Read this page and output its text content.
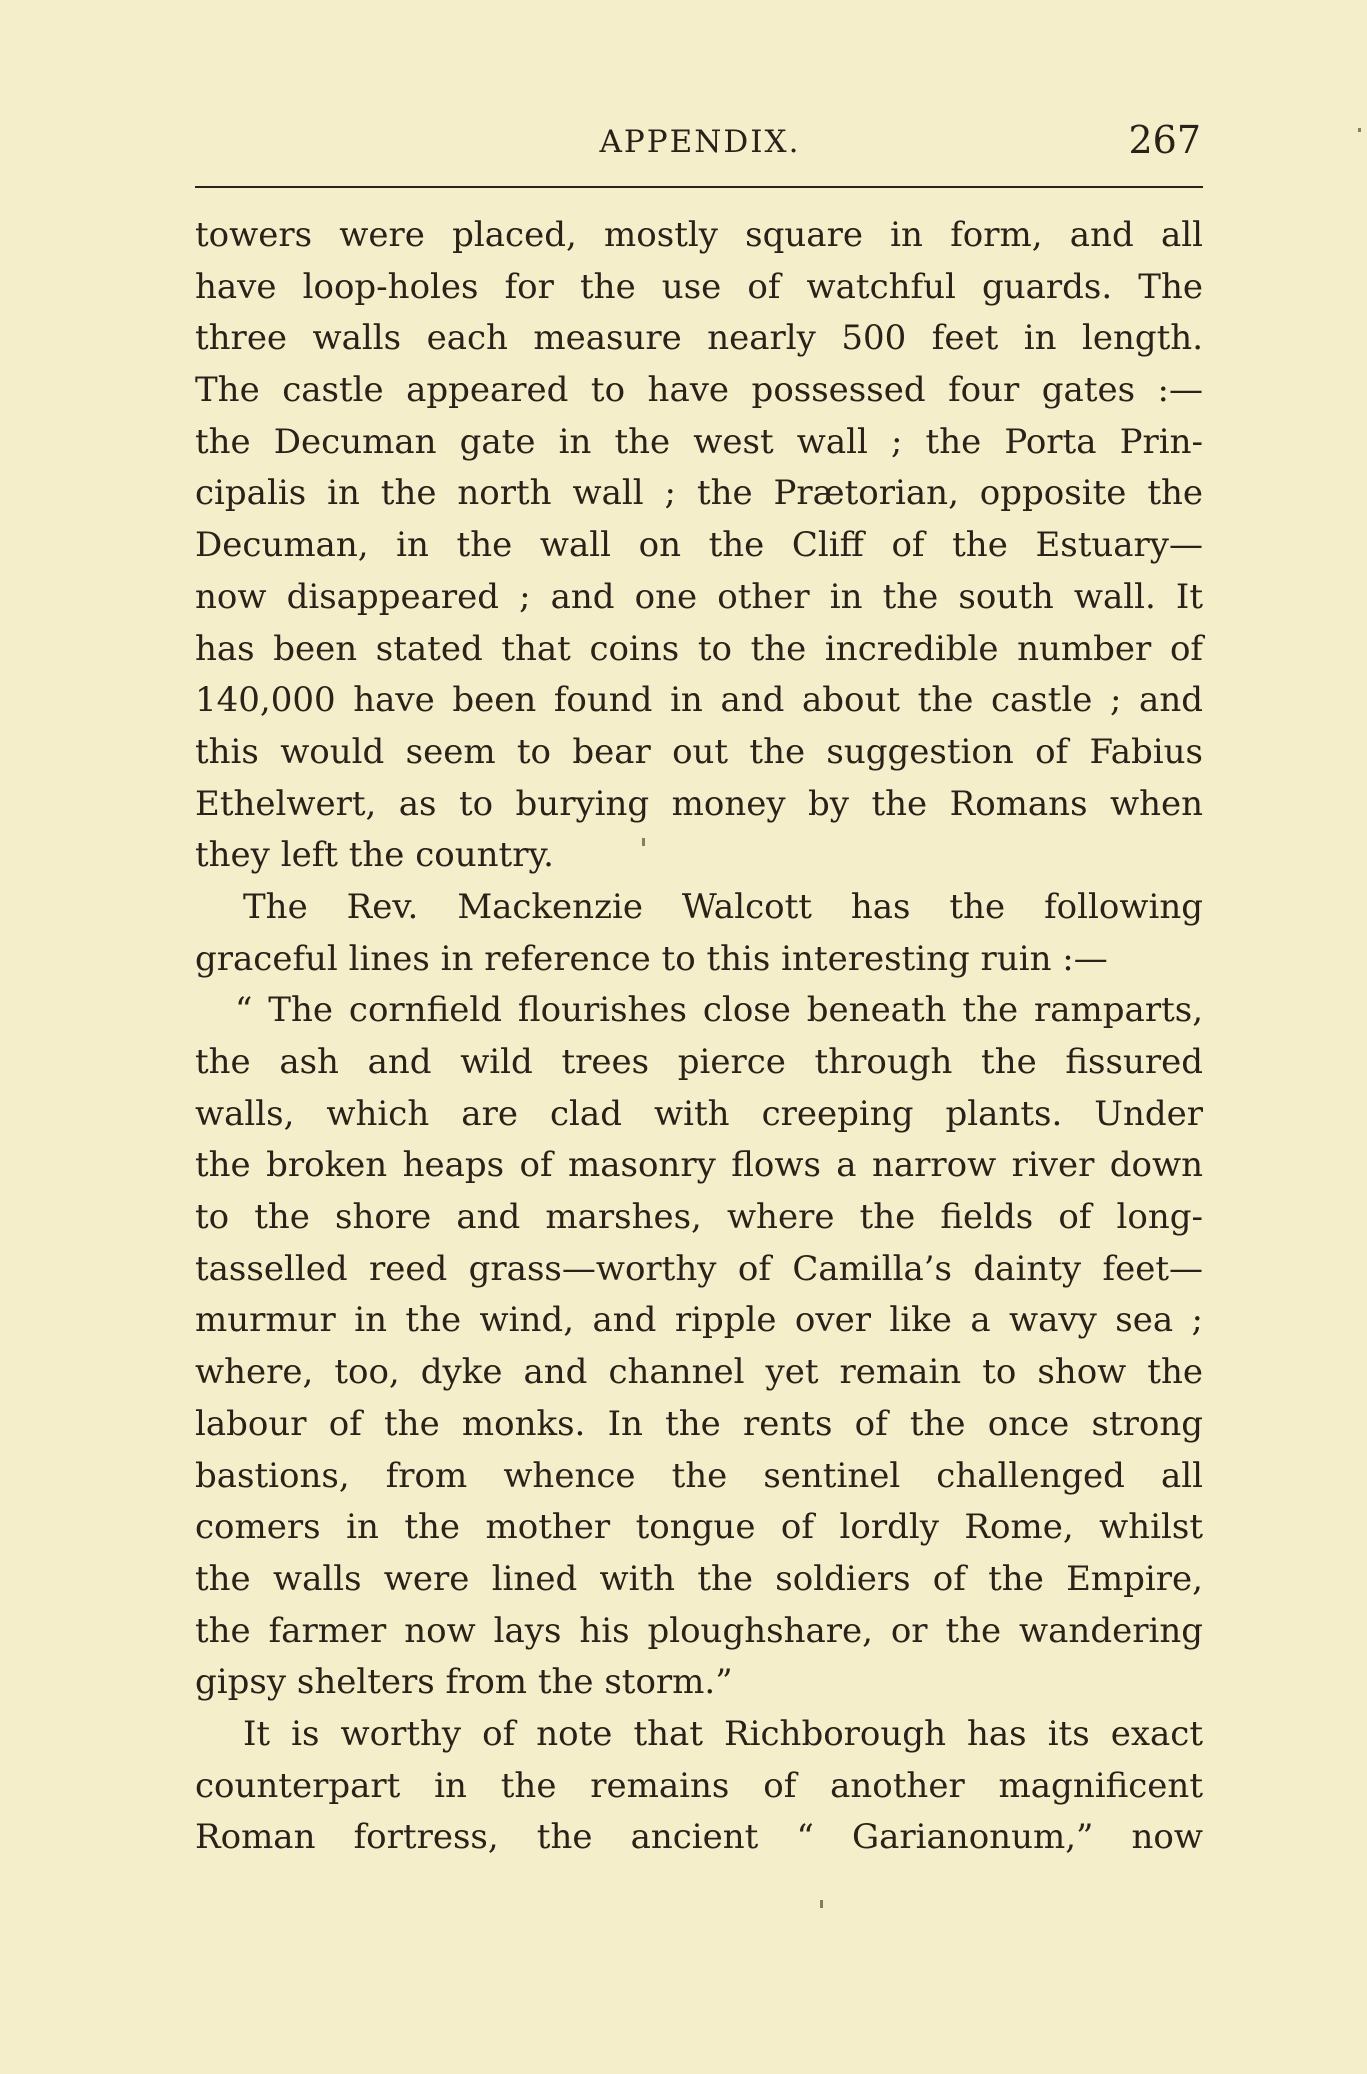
APPENDIX.	267
towers were placed, mostly square in form, and all
have loop-holes for the use of watchful guards. The
three walls each measure nearly 500 feet in length.
The castle appeared to have possessed four gates :—
the Decuman gate in the west wall ; the Porta Prin-
cipalis in the north wall ; the Prætorian, opposite the
Decuman, in the wall on the Cliff of the Estuary—
now disappeared ; and one other in the south wall. It
has been stated that coins to the incredible number of
140,000 have been found in and about the castle ; and
this would seem to bear out the suggestion of Fabius
Ethelwert, as to burying money by the Romans when
they left the country.
The Rev. Mackenzie Walcott has the following
graceful lines in reference to this interesting ruin :—
“ The cornfield flourishes close beneath the ramparts,
the ash and wild trees pierce through the fissured
walls, which are clad with creeping plants. Under
the broken heaps of masonry flows a narrow river down
to the shore and marshes, where the fields of long-
tasselled reed grass—worthy of Camilla’s dainty feet—
murmur in the wind, and ripple over like a wavy sea ;
where, too, dyke and channel yet remain to show the
labour of the monks. In the rents of the once strong
bastions, from whence the sentinel challenged all
comers in the mother tongue of lordly Rome, whilst
the walls were lined with the soldiers of the Empire,
the farmer now lays his ploughshare, or the wandering
gipsy shelters from the storm.”
It is worthy of note that Richborough has its exact
counterpart in the remains of another magnificent
Roman fortress, the ancient “ Garianonum,” now
